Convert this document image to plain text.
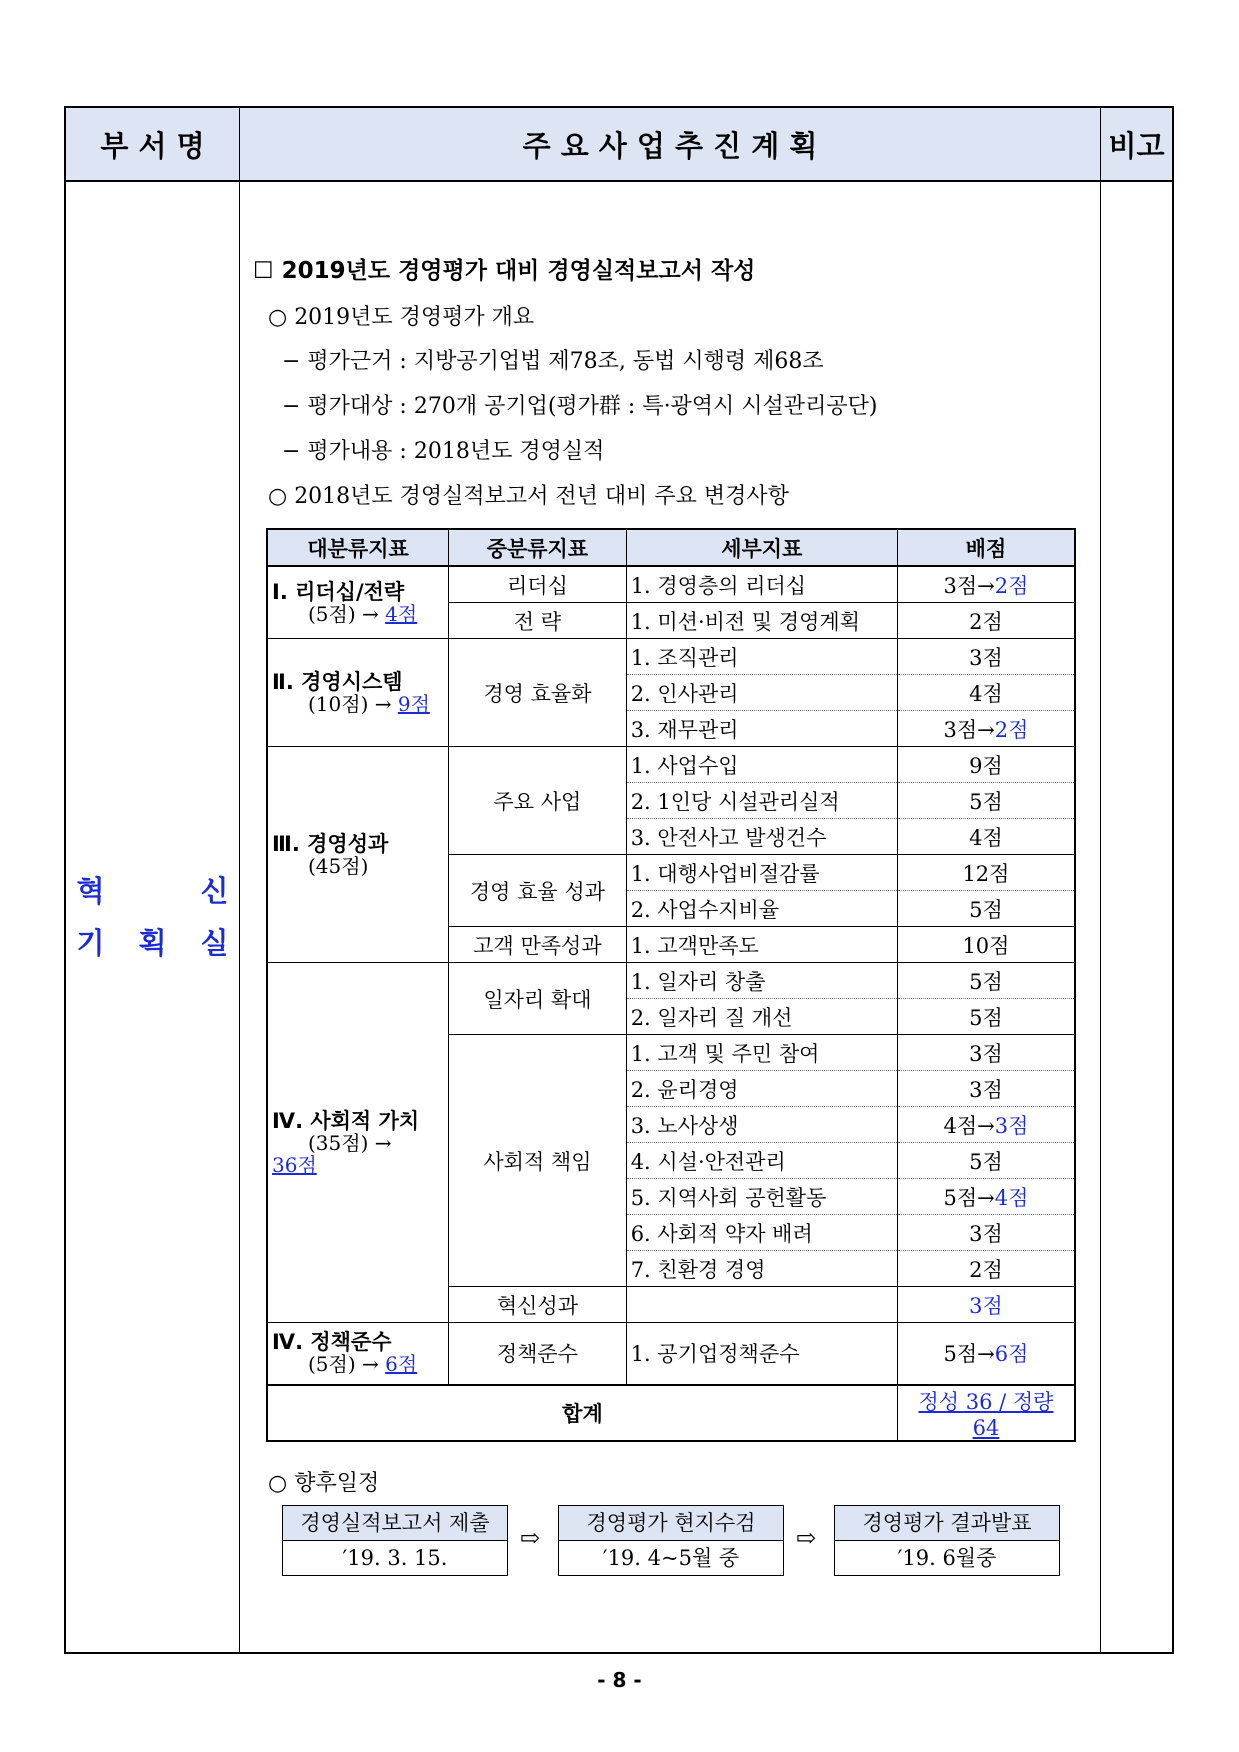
부 서 명	주 요 사 업 추 진 계 획	비고
혁	신
기 획 실
☐ 2019년도 경영평가 대비 경영실적보고서 작성
○ 2019년도 경영평가 개요
− 평가근거 : 지방공기업법 제78조, 동법 시행령 제68조
− 평가대상 : 270개 공기업(평가群 : 특·광역시 시설관리공단)
− 평가내용 : 2018년도 경영실적
○ 2018년도 경영실적보고서 전년 대비 주요 변경사항
대분류지표	중분류지표	세부지표	배점
Ⅰ. 리더십/전략
(5점) → 4점	리더십	1. 경영층의 리더십	3점→2점
	전 략	1. 미션·비전 및 경영계획	2점
Ⅱ. 경영시스템
(10점) → 9점	경영 효율화	1. 조직관리	3점
		2. 인사관리	4점
		3. 재무관리	3점→2점
Ⅲ. 경영성과
(45점)	주요 사업	1. 사업수입	9점
		2. 1인당 시설관리실적	5점
		3. 안전사고 발생건수	4점
	경영 효율 성과	1. 대행사업비절감률	12점
		2. 사업수지비율	5점
	고객 만족성과	1. 고객만족도	10점
Ⅳ. 사회적 가치
(35점) →
36점	일자리 확대	1. 일자리 창출	5점
		2. 일자리 질 개선	5점
	사회적 책임	1. 고객 및 주민 참여	3점
		2. 윤리경영	3점
		3. 노사상생	4점→3점
		4. 시설·안전관리	5점
		5. 지역사회 공헌활동	5점→4점
		6. 사회적 약자 배려	3점
		7. 친환경 경영	2점
	혁신성과		3점
Ⅳ. 정책준수
(5점) → 6점	정책준수	1. 공기업정책준수	5점→6점
합계			정성 36 / 정량 64
○ 향후일정
경영실적보고서 제출
′19. 3. 15.
⇨
경영평가 현지수검
′19. 4~5월 중
⇨
경영평가 결과발표
′19. 6월중
- 8 -
